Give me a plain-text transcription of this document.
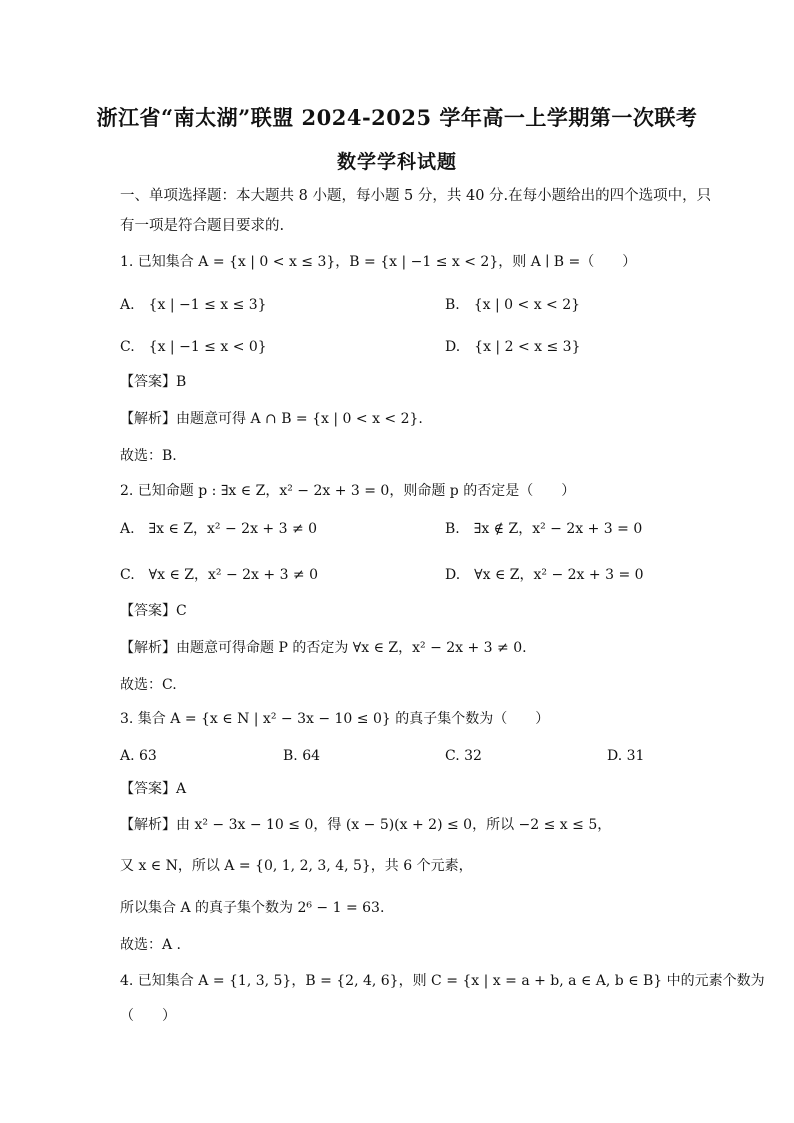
浙江省“南太湖”联盟 2024-2025 学年高一上学期第一次联考
数学学科试题
一、单项选择题：本大题共 8 小题，每小题 5 分，共 40 分.在每小题给出的四个选项中，只
有一项是符合题目要求的.
1. 已知集合 A = {x | 0 < x ≤ 3}，B = {x | −1 ≤ x < 2}，则 A ∣ B =（　　）
A.　{x | −1 ≤ x ≤ 3}	B.　{x | 0 < x < 2}
C.　{x | −1 ≤ x < 0}	D.　{x | 2 < x ≤ 3}
【答案】B
【解析】由题意可得 A ∩ B = {x | 0 < x < 2}.
故选：B.
2. 已知命题 p : ∃x ∈ Z，x² − 2x + 3 = 0，则命题 p 的否定是（　　）
A.　∃x ∈ Z，x² − 2x + 3 ≠ 0	B.　∃x ∉ Z，x² − 2x + 3 = 0
C.　∀x ∈ Z，x² − 2x + 3 ≠ 0	D.　∀x ∈ Z，x² − 2x + 3 = 0
【答案】C
【解析】由题意可得命题 P 的否定为 ∀x ∈ Z，x² − 2x + 3 ≠ 0.
故选：C.
3. 集合 A = {x ∈ N | x² − 3x − 10 ≤ 0} 的真子集个数为（　　）
A. 63	B. 64	C. 32	D. 31
【答案】A
【解析】由 x² − 3x − 10 ≤ 0，得 (x − 5)(x + 2) ≤ 0，所以 −2 ≤ x ≤ 5，
又 x ∈ N，所以 A = {0, 1, 2, 3, 4, 5}，共 6 个元素，
所以集合 A 的真子集个数为 2⁶ − 1 = 63.
故选：A .
4. 已知集合 A = {1, 3, 5}，B = {2, 4, 6}，则 C = {x | x = a + b, a ∈ A, b ∈ B} 中的元素个数为
（　　）
